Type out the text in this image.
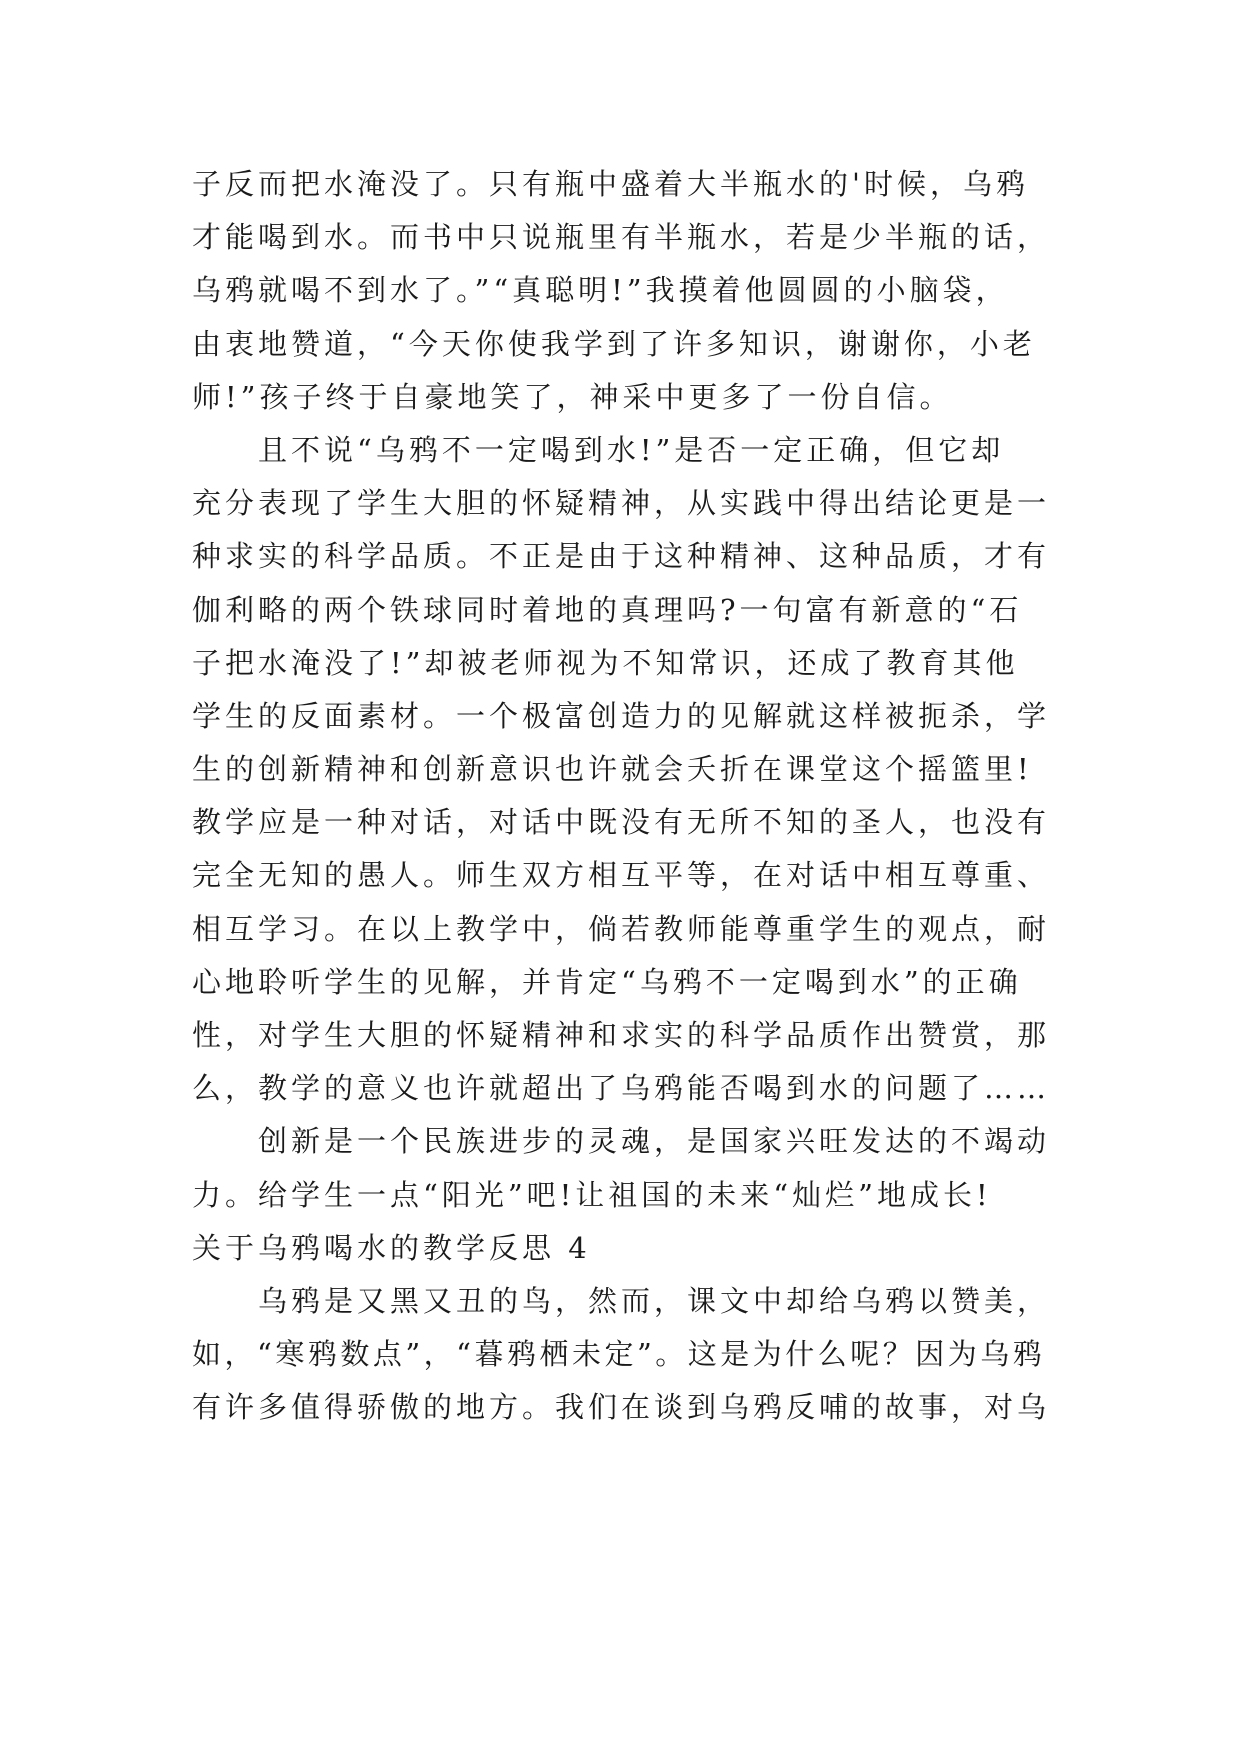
子反而把水淹没了。只有瓶中盛着大半瓶水的'时候，乌鸦
才能喝到水。而书中只说瓶里有半瓶水，若是少半瓶的话，
乌鸦就喝不到水了。”“真聪明!”我摸着他圆圆的小脑袋，
由衷地赞道，“今天你使我学到了许多知识，谢谢你，小老
师!”孩子终于自豪地笑了，神采中更多了一份自信。
且不说“乌鸦不一定喝到水!”是否一定正确，但它却
充分表现了学生大胆的怀疑精神，从实践中得出结论更是一
种求实的科学品质。不正是由于这种精神、这种品质，才有
伽利略的两个铁球同时着地的真理吗?一句富有新意的“石
子把水淹没了!”却被老师视为不知常识，还成了教育其他
学生的反面素材。一个极富创造力的见解就这样被扼杀，学
生的创新精神和创新意识也许就会夭折在课堂这个摇篮里!
教学应是一种对话，对话中既没有无所不知的圣人，也没有
完全无知的愚人。师生双方相互平等，在对话中相互尊重、
相互学习。在以上教学中，倘若教师能尊重学生的观点，耐
心地聆听学生的见解，并肯定“乌鸦不一定喝到水”的正确
性，对学生大胆的怀疑精神和求实的科学品质作出赞赏，那
么，教学的意义也许就超出了乌鸦能否喝到水的问题了……
创新是一个民族进步的灵魂，是国家兴旺发达的不竭动
力。给学生一点“阳光”吧!让祖国的未来“灿烂”地成长!
关于乌鸦喝水的教学反思 4
乌鸦是又黑又丑的鸟，然而，课文中却给乌鸦以赞美，
如，“寒鸦数点”，“暮鸦栖未定”。这是为什么呢？因为乌鸦
有许多值得骄傲的地方。我们在谈到乌鸦反哺的故事，对乌
